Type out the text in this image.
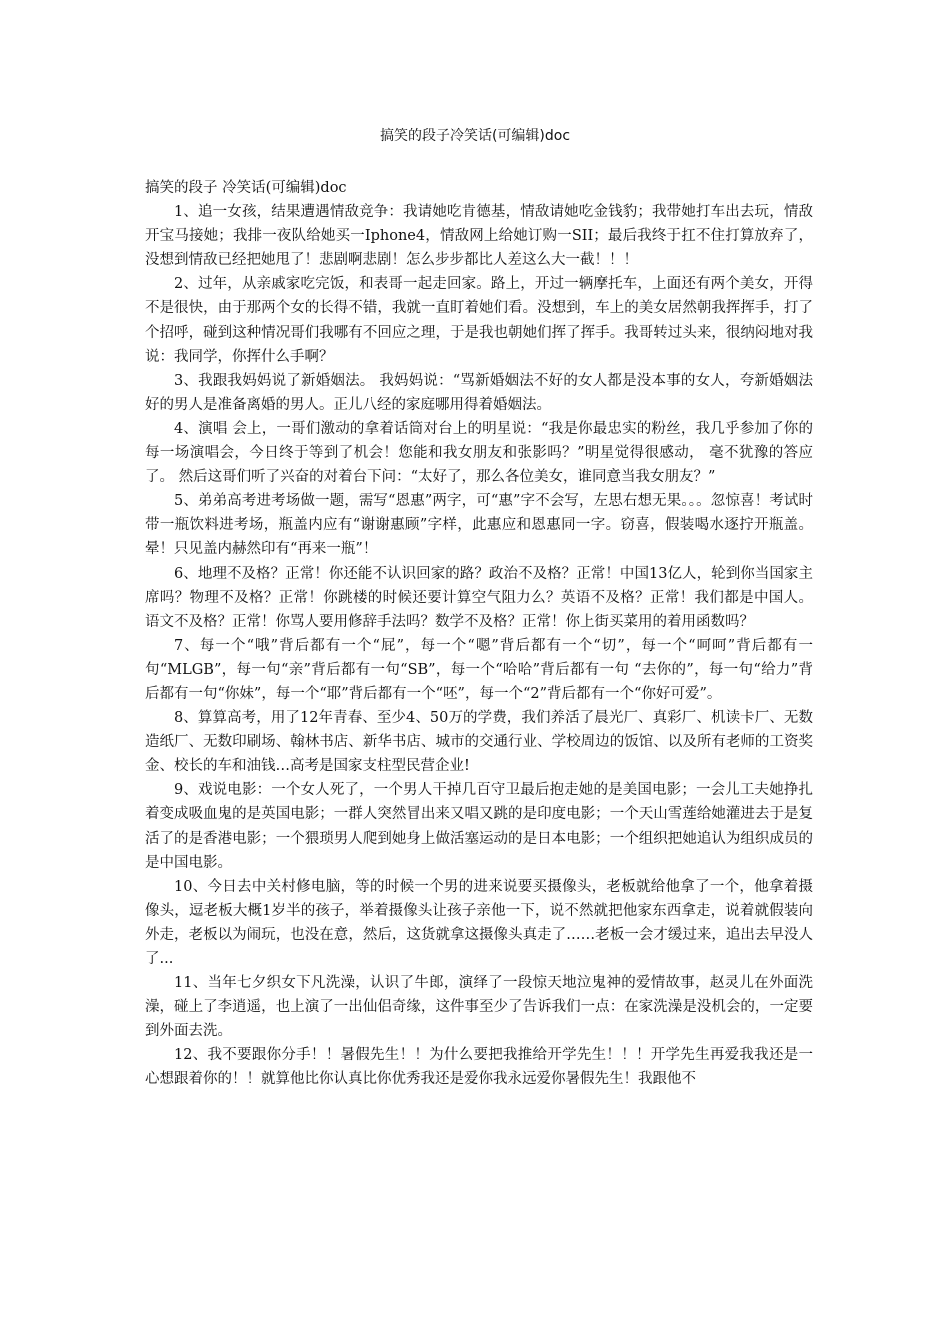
搞笑的段子冷笑话(可编辑)doc

搞笑的段子 冷笑话(可编辑)doc

1、追一女孩，结果遭遇情敌竞争：我请她吃肯德基，情敌请她吃金钱豹；我带她打车出去玩，情敌开宝马接她；我排一夜队给她买一Iphone4，情敌网上给她订购一SII；最后我终于扛不住打算放弃了，没想到情敌已经把她甩了！悲剧啊悲剧！怎么步步都比人差这么大一截！！！

2、过年，从亲戚家吃完饭，和表哥一起走回家。路上，开过一辆摩托车，上面还有两个美女，开得不是很快，由于那两个女的长得不错，我就一直盯着她们看。没想到，车上的美女居然朝我挥挥手，打了个招呼，碰到这种情况哥们我哪有不回应之理，于是我也朝她们挥了挥手。我哥转过头来，很纳闷地对我说：我同学，你挥什么手啊？

3、我跟我妈妈说了新婚姻法。 我妈妈说：“骂新婚姻法不好的女人都是没本事的女人，夸新婚姻法好的男人是准备离婚的男人。正儿八经的家庭哪用得着婚姻法。

4、演唱 会上，一哥们激动的拿着话筒对台上的明星说：“我是你最忠实的粉丝，我几乎参加了你的每一场演唱会，今日终于等到了机会！您能和我女朋友和张影吗？”明星觉得很感动， 毫不犹豫的答应了。 然后这哥们听了兴奋的对着台下问：“太好了，那么各位美女，谁同意当我女朋友？”

5、弟弟高考进考场做一题，需写“恩惠”两字，可“惠”字不会写，左思右想无果。。。忽惊喜！考试时带一瓶饮料进考场，瓶盖内应有“谢谢惠顾”字样，此惠应和恩惠同一字。窃喜，假装喝水逐拧开瓶盖。晕！只见盖内赫然印有“再来一瓶”！

6、地理不及格？正常！你还能不认识回家的路？政治不及格？正常！中国13亿人，轮到你当国家主席吗？物理不及格？正常！你跳楼的时候还要计算空气阻力么？英语不及格？正常！我们都是中国人。 语文不及格？正常！你骂人要用修辞手法吗？数学不及格？正常！你上街买菜用的着用函数吗？

7、每一个“哦”背后都有一个“屁”，每一个“嗯”背后都有一个“切”，每一个“呵呵”背后都有一句“MLGB”，每一句“亲”背后都有一句“SB”，每一个“哈哈”背后都有一句 “去你的”，每一句“给力”背后都有一句“你妹”，每一个“耶”背后都有一个“呸”，每一个“2”背后都有一个“你好可爱”。

8、算算高考，用了12年青春、至少4、50万的学费，我们养活了晨光厂、真彩厂、机读卡厂、无数造纸厂、无数印刷场、翰林书店、新华书店、城市的交通行业、学校周边的饭馆、以及所有老师的工资奖金、校长的车和油钱…高考是国家支柱型民营企业!

9、戏说电影：一个女人死了，一个男人干掉几百守卫最后抱走她的是美国电影；一会儿工夫她挣扎着变成吸血鬼的是英国电影；一群人突然冒出来又唱又跳的是印度电影；一个天山雪莲给她灌进去于是复活了的是香港电影；一个猥琐男人爬到她身上做活塞运动的是日本电影；一个组织把她追认为组织成员的是中国电影。

10、今日去中关村修电脑，等的时候一个男的进来说要买摄像头，老板就给他拿了一个，他拿着摄像头，逗老板大概1岁半的孩子，举着摄像头让孩子亲他一下，说不然就把他家东西拿走，说着就假装向外走，老板以为闹玩，也没在意，然后，这货就拿这摄像头真走了……老板一会才缓过来，追出去早没人了...

11、当年七夕织女下凡洗澡，认识了牛郎，演绎了一段惊天地泣鬼神的爱情故事，赵灵儿在外面洗澡，碰上了李逍遥，也上演了一出仙侣奇缘，这件事至少了告诉我们一点：在家洗澡是没机会的，一定要到外面去洗。

12、我不要跟你分手！！暑假先生！！为什么要把我推给开学先生！！！开学先生再爱我我还是一心想跟着你的！！就算他比你认真比你优秀我还是爱你我永远爱你暑假先生！我跟他不
